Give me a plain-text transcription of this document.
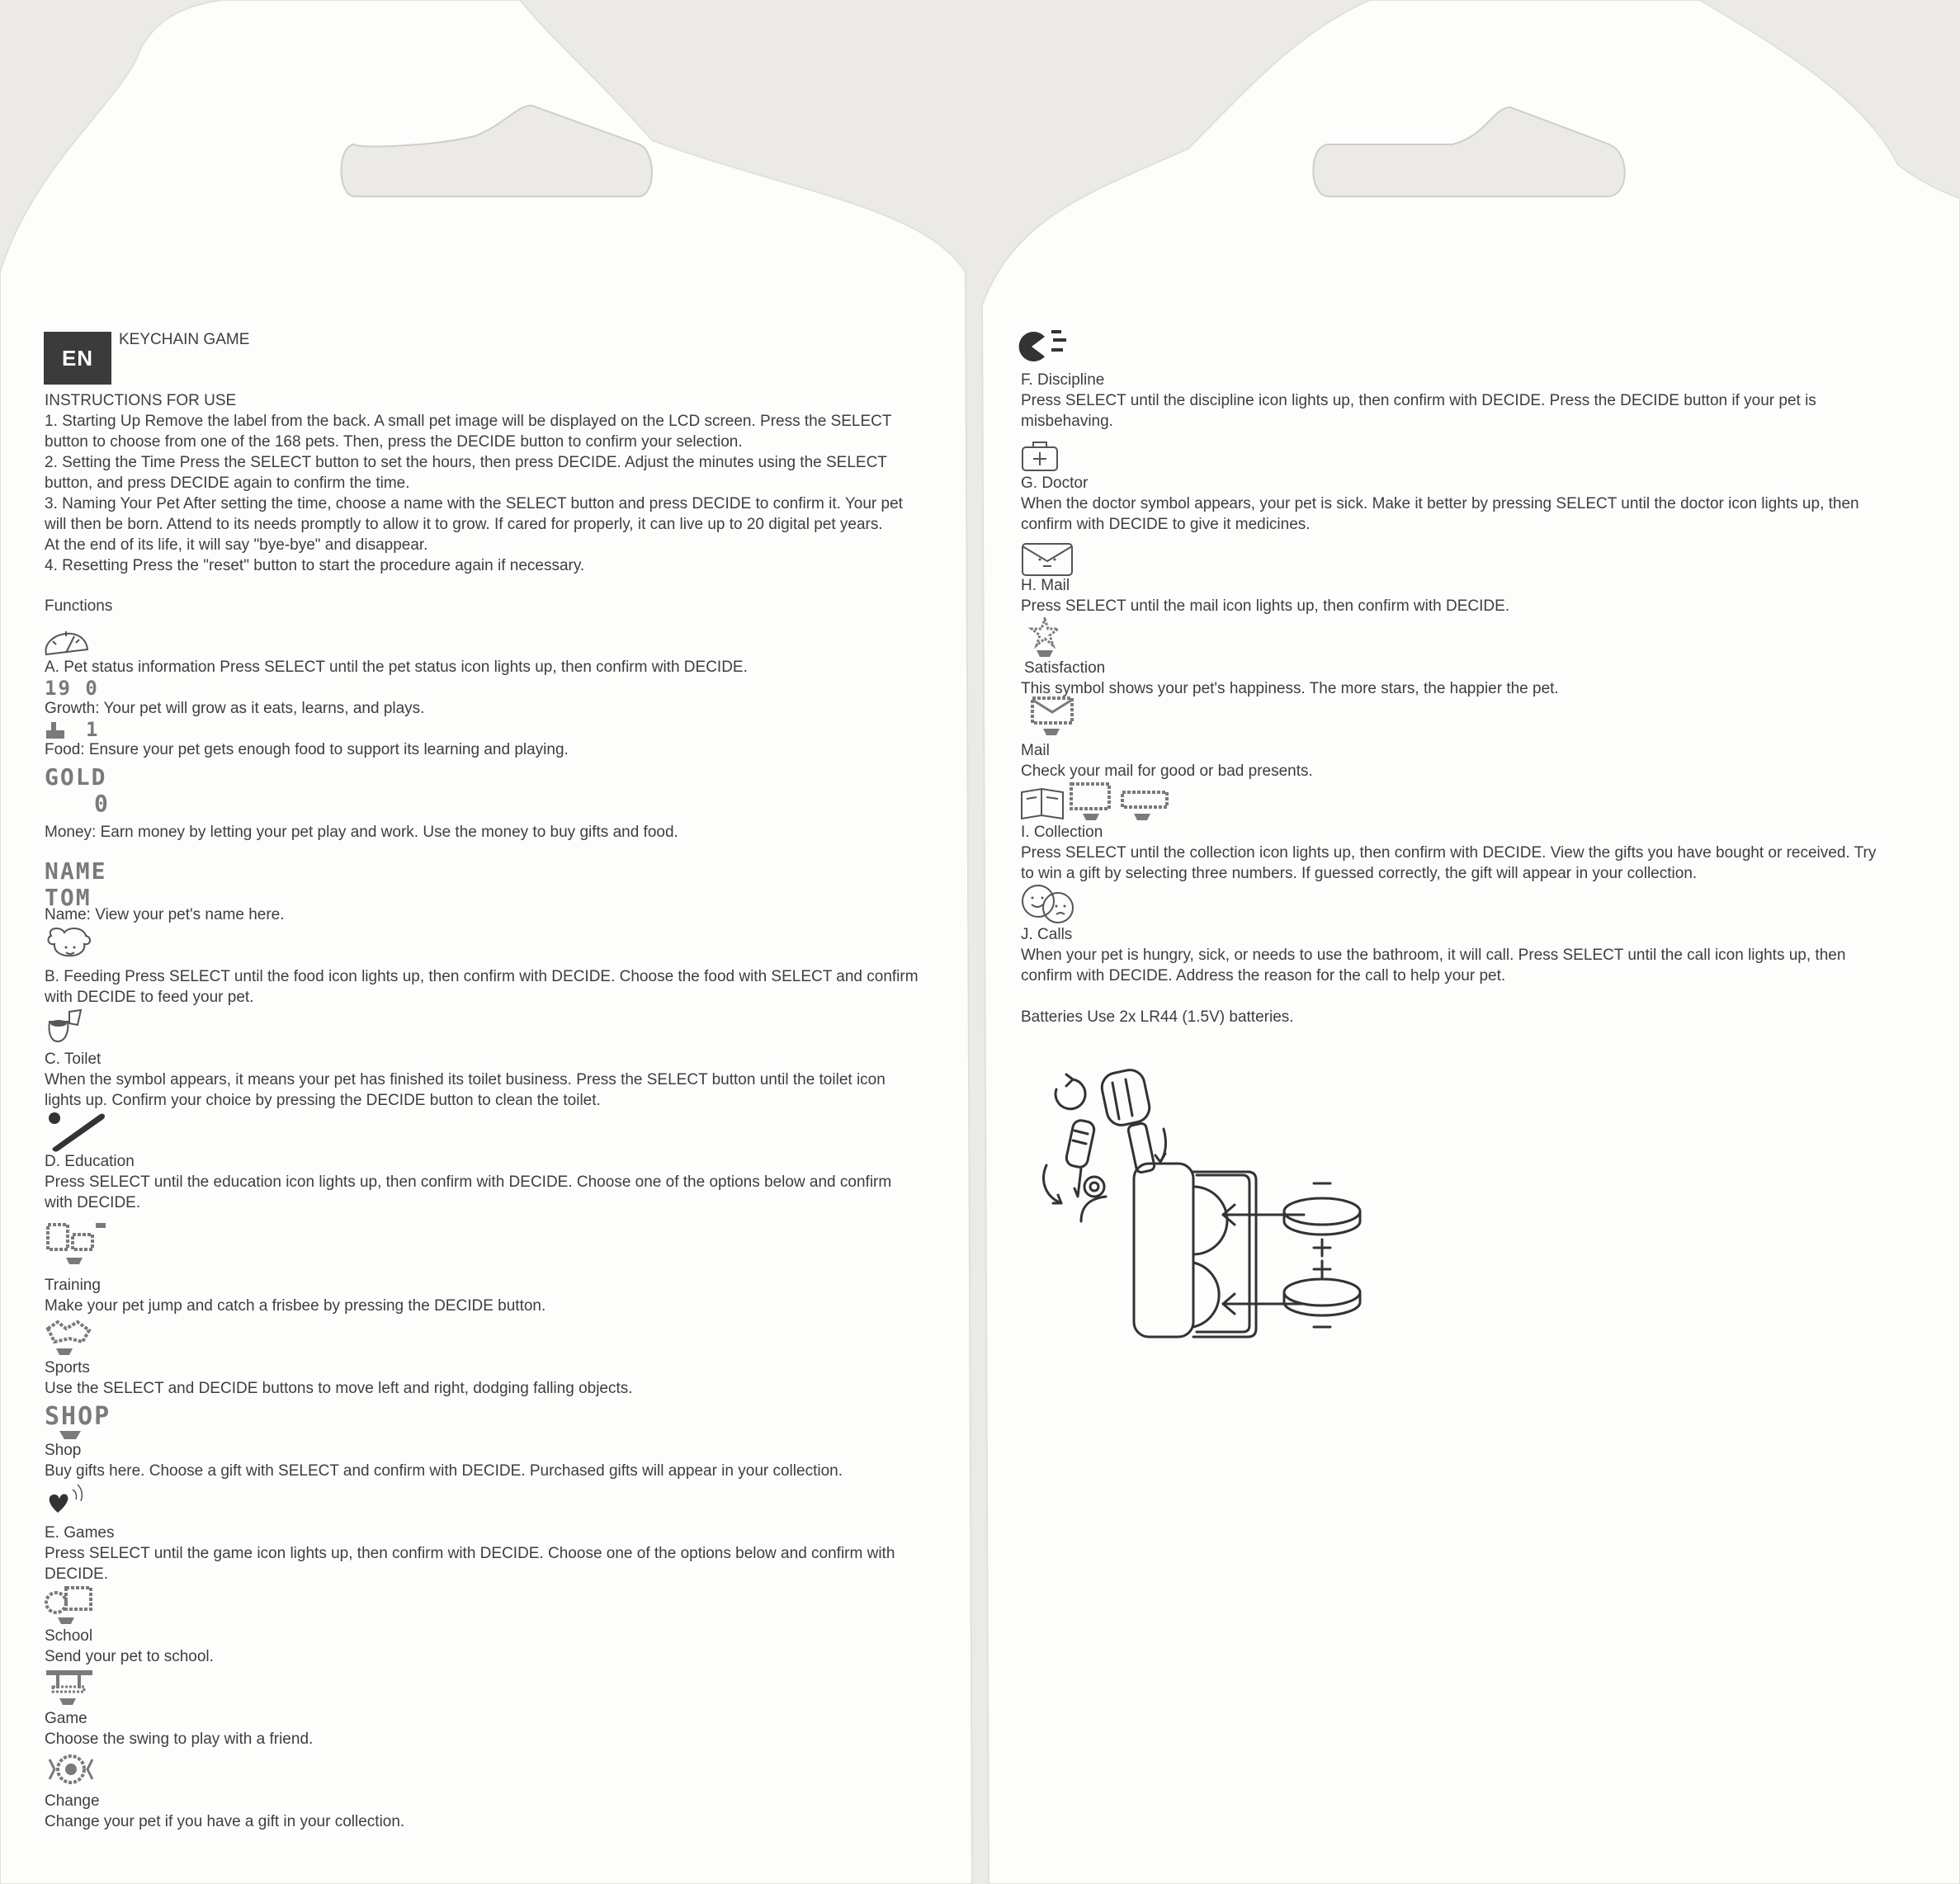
EN
KEYCHAIN GAME
INSTRUCTIONS FOR USE
1. Starting Up Remove the label from the back. A small pet image will be displayed on the LCD screen. Press the SELECT
button to choose from one of the 168 pets. Then, press the DECIDE button to confirm your selection.
2. Setting the Time Press the SELECT button to set the hours, then press DECIDE. Adjust the minutes using the SELECT
button, and press DECIDE again to confirm the time.
3. Naming Your Pet After setting the time, choose a name with the SELECT button and press DECIDE to confirm it. Your pet
will then be born. Attend to its needs promptly to allow it to grow. If cared for properly, it can live up to 20 digital pet years.
At the end of its life, it will say "bye-bye" and disappear.
4. Resetting Press the "reset" button to start the procedure again if necessary.
Functions
A. Pet status information Press SELECT until the pet status icon lights up, then confirm with DECIDE.
19 0
Growth: Your pet will grow as it eats, learns, and plays.
1
Food: Ensure your pet gets enough food to support its learning and playing.
GOLD
0
Money: Earn money by letting your pet play and work. Use the money to buy gifts and food.
NAME
TOM
Name: View your pet's name here.
B. Feeding Press SELECT until the food icon lights up, then confirm with DECIDE. Choose the food with SELECT and confirm
with DECIDE to feed your pet.
C. Toilet
When the symbol appears, it means your pet has finished its toilet business. Press the SELECT button until the toilet icon
lights up. Confirm your choice by pressing the DECIDE button to clean the toilet.
D. Education
Press SELECT until the education icon lights up, then confirm with DECIDE. Choose one of the options below and confirm
with DECIDE.
Training
Make your pet jump and catch a frisbee by pressing the DECIDE button.
Sports
Use the SELECT and DECIDE buttons to move left and right, dodging falling objects.
SHOP
Shop
Buy gifts here. Choose a gift with SELECT and confirm with DECIDE. Purchased gifts will appear in your collection.
E. Games
Press SELECT until the game icon lights up, then confirm with DECIDE. Choose one of the options below and confirm with
DECIDE.
School
Send your pet to school.
Game
Choose the swing to play with a friend.
Change
Change your pet if you have a gift in your collection.
F. Discipline
Press SELECT until the discipline icon lights up, then confirm with DECIDE. Press the DECIDE button if your pet is
misbehaving.
G. Doctor
When the doctor symbol appears, your pet is sick. Make it better by pressing SELECT until the doctor icon lights up, then
confirm with DECIDE to give it medicines.
H. Mail
Press SELECT until the mail icon lights up, then confirm with DECIDE.
Satisfaction
This symbol shows your pet's happiness. The more stars, the happier the pet.
Mail
Check your mail for good or bad presents.
I. Collection
Press SELECT until the collection icon lights up, then confirm with DECIDE. View the gifts you have bought or received. Try
to win a gift by selecting three numbers. If guessed correctly, the gift will appear in your collection.
J. Calls
When your pet is hungry, sick, or needs to use the bathroom, it will call. Press SELECT until the call icon lights up, then
confirm with DECIDE. Address the reason for the call to help your pet.
Batteries Use 2x LR44 (1.5V) batteries.
